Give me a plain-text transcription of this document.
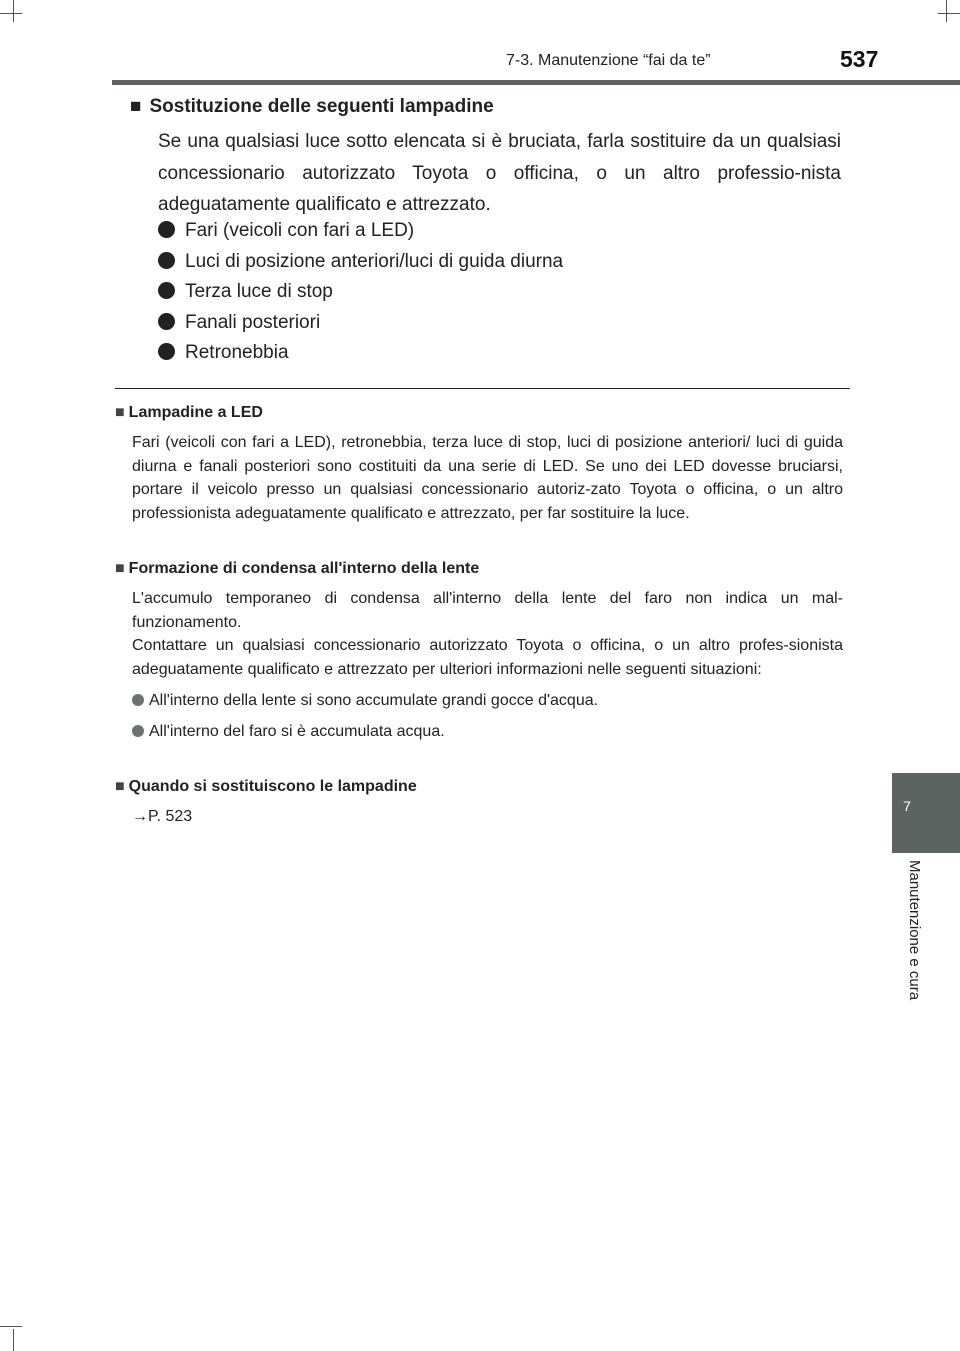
7-3. Manutenzione “fai da te”	537
7
Manutenzione e cura
■ Sostituzione delle seguenti lampadine
Se una qualsiasi luce sotto elencata si è bruciata, farla sostituire da un qualsiasi concessionario autorizzato Toyota o officina, o un altro professio-nista adeguatamente qualificato e attrezzato.
Fari (veicoli con fari a LED)
Luci di posizione anteriori/luci di guida diurna
Terza luce di stop
Fanali posteriori
Retronebbia
■ Lampadine a LED
Fari (veicoli con fari a LED), retronebbia, terza luce di stop, luci di posizione anteriori/ luci di guida diurna e fanali posteriori sono costituiti da una serie di LED. Se uno dei LED dovesse bruciarsi, portare il veicolo presso un qualsiasi concessionario autoriz-zato Toyota o officina, o un altro professionista adeguatamente qualificato e attrezzato, per far sostituire la luce.
■ Formazione di condensa all'interno della lente
L'accumulo temporaneo di condensa all'interno della lente del faro non indica un mal-funzionamento.
Contattare un qualsiasi concessionario autorizzato Toyota o officina, o un altro profes-sionista adeguatamente qualificato e attrezzato per ulteriori informazioni nelle seguenti situazioni:
All'interno della lente si sono accumulate grandi gocce d'acqua.
All'interno del faro si è accumulata acqua.
■ Quando si sostituiscono le lampadine
→P. 523
